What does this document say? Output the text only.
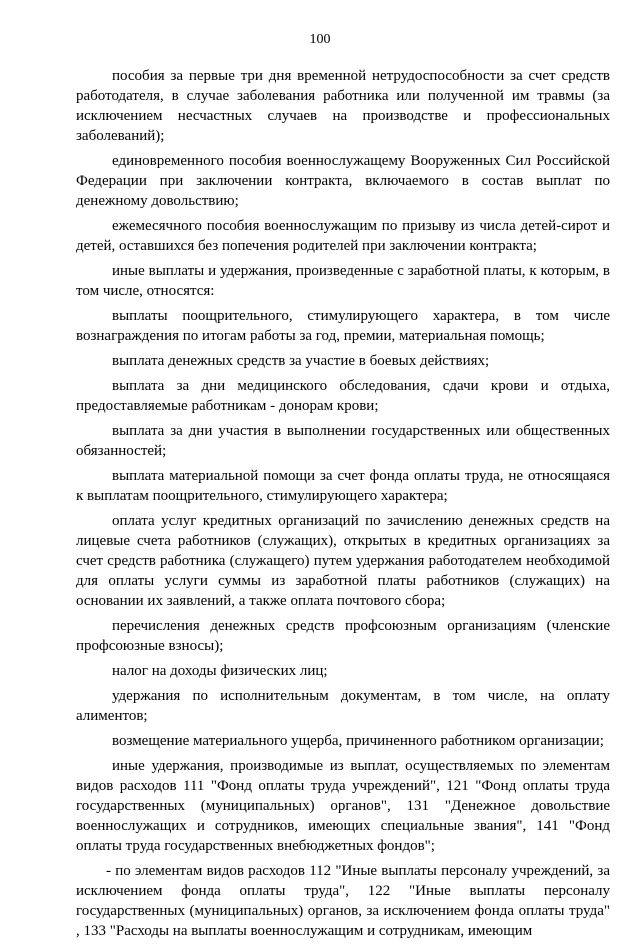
100

пособия за первые три дня временной нетрудоспособности за счет средств работодателя, в случае заболевания работника или полученной им травмы (за исключением несчастных случаев на производстве и профессиональных заболеваний);

единовременного пособия военнослужащему Вооруженных Сил Российской Федерации при заключении контракта, включаемого в состав выплат по денежному довольствию;

ежемесячного пособия военнослужащим по призыву из числа детей-сирот и детей, оставшихся без попечения родителей при заключении контракта;

иные выплаты и удержания, произведенные с заработной платы, к которым, в том числе, относятся:

выплаты поощрительного, стимулирующего характера, в том числе вознаграждения по итогам работы за год, премии, материальная помощь;

выплата денежных средств за участие в боевых действиях;

выплата за дни медицинского обследования, сдачи крови и отдыха, предоставляемые работникам - донорам крови;

выплата за дни участия в выполнении государственных или общественных обязанностей;

выплата материальной помощи за счет фонда оплаты труда, не относящаяся к выплатам поощрительного, стимулирующего характера;

оплата услуг кредитных организаций по зачислению денежных средств на лицевые счета работников (служащих), открытых в кредитных организациях за счет средств работника (служащего) путем удержания работодателем необходимой для оплаты услуги суммы из заработной платы работников (служащих) на основании их заявлений, а также оплата почтового сбора;

перечисления денежных средств профсоюзным организациям (членские профсоюзные взносы);

налог на доходы физических лиц;

удержания по исполнительным документам, в том числе, на оплату алиментов;

возмещение материального ущерба, причиненного работником организации;

иные удержания, производимые из выплат, осуществляемых по элементам видов расходов 111 "Фонд оплаты труда учреждений", 121 "Фонд оплаты труда государственных (муниципальных) органов", 131 "Денежное довольствие военнослужащих и сотрудников, имеющих специальные звания", 141 "Фонд оплаты труда государственных внебюджетных фондов";

- по элементам видов расходов 112 "Иные выплаты персоналу учреждений, за исключением фонда оплаты труда", 122 "Иные выплаты персоналу государственных (муниципальных) органов, за исключением фонда оплаты труда" , 133 "Расходы на выплаты военнослужащим и сотрудникам, имеющим
